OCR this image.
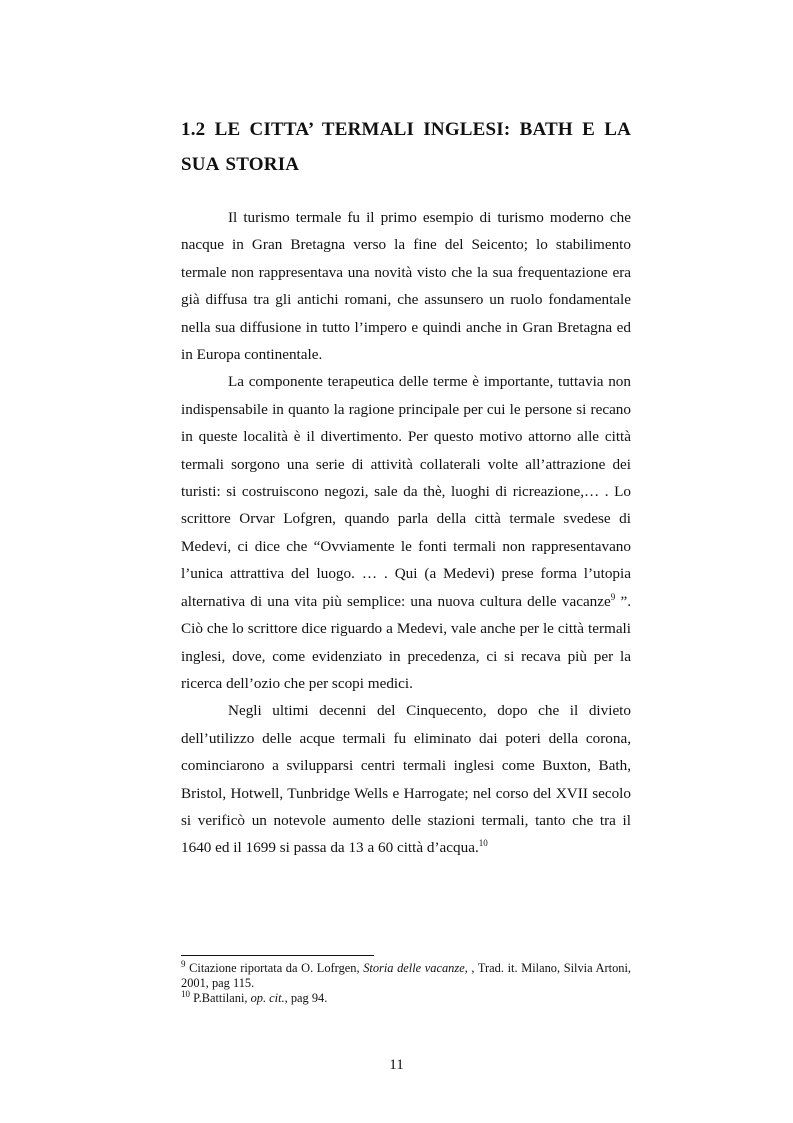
1.2 LE CITTA’ TERMALI INGLESI: BATH E LA
SUA STORIA

Il turismo termale fu il primo esempio di turismo moderno che nacque in Gran Bretagna verso la fine del Seicento; lo stabilimento termale non rappresentava una novità visto che la sua frequentazione era già diffusa tra gli antichi romani, che assunsero un ruolo fondamentale nella sua diffusione in tutto l’impero e quindi anche in Gran Bretagna ed in Europa continentale.

La componente terapeutica delle terme è importante, tuttavia non indispensabile in quanto la ragione principale per cui le persone si recano in queste località è il divertimento. Per questo motivo attorno alle città termali sorgono una serie di attività collaterali volte all’attrazione dei turisti: si costruiscono negozi, sale da thè, luoghi di ricreazione,… . Lo scrittore Orvar Lofgren, quando parla della città termale svedese di Medevi, ci dice che “Ovviamente le fonti termali non rappresentavano l’unica attrattiva del luogo. … . Qui (a Medevi) prese forma l’utopia alternativa di una vita più semplice: una nuova cultura delle vacanze$^9$ ”. Ciò che lo scrittore dice riguardo a Medevi, vale anche per le città termali inglesi, dove, come evidenziato in precedenza, ci si recava più per la ricerca dell’ozio che per scopi medici.

Negli ultimi decenni del Cinquecento, dopo che il divieto dell’utilizzo delle acque termali fu eliminato dai poteri della corona, cominciarono a svilupparsi centri termali inglesi come Buxton, Bath, Bristol, Hotwell, Tunbridge Wells e Harrogate; nel corso del XVII secolo si verificò un notevole aumento delle stazioni termali, tanto che tra il 1640 ed il 1699 si passa da 13 a 60 città d’acqua.$^{10}$

$^9$ Citazione riportata da O. Lofrgen, Storia delle vacanze, , Trad. it. Milano, Silvia Artoni, 2001, pag 115.

$^{10}$ P.Battilani, op. cit., pag 94.

11
